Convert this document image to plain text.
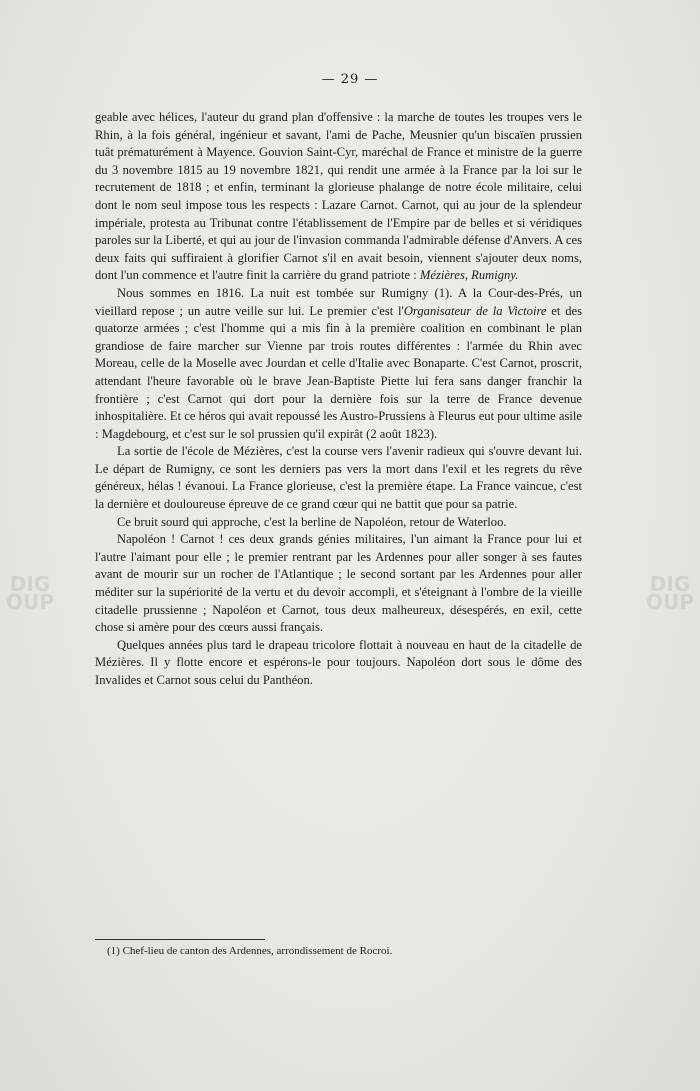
— 29 —
DIG OUP
DIG OUP

geable avec hélices, l'auteur du grand plan d'offensive : la marche de toutes les troupes vers le Rhin, à la fois général, ingénieur et savant, l'ami de Pache, Meusnier qu'un biscaïen prussien tuât prématurément à Mayence. Gouvion Saint-Cyr, maréchal de France et ministre de la guerre du 3 novembre 1815 au 19 novembre 1821, qui rendit une armée à la France par la loi sur le recrutement de 1818 ; et enfin, terminant la glorieuse phalange de notre école militaire, celui dont le nom seul impose tous les respects : Lazare Carnot. Carnot, qui au jour de la splendeur impériale, protesta au Tribunat contre l'établissement de l'Empire par de belles et si véridiques paroles sur la Liberté, et qui au jour de l'invasion commanda l'admirable défense d'Anvers. A ces deux faits qui suffiraient à glorifier Carnot s'il en avait besoin, viennent s'ajouter deux noms, dont l'un commence et l'autre finit la carrière du grand patriote : Mézières, Rumigny.

Nous sommes en 1816. La nuit est tombée sur Rumigny (1). A la Cour-des-Prés, un vieillard repose ; un autre veille sur lui. Le premier c'est l'Organisateur de la Victoire et des quatorze armées ; c'est l'homme qui a mis fin à la première coalition en combinant le plan grandiose de faire marcher sur Vienne par trois routes différentes : l'armée du Rhin avec Moreau, celle de la Moselle avec Jourdan et celle d'Italie avec Bonaparte. C'est Carnot, proscrit, attendant l'heure favorable où le brave Jean-Baptiste Piette lui fera sans danger franchir la frontière ; c'est Carnot qui dort pour la dernière fois sur la terre de France devenue inhospitalière. Et ce héros qui avait repoussé les Austro-Prussiens à Fleurus eut pour ultime asile : Magdebourg, et c'est sur le sol prussien qu'il expirât (2 août 1823).

La sortie de l'école de Mézières, c'est la course vers l'avenir radieux qui s'ouvre devant lui. Le départ de Rumigny, ce sont les derniers pas vers la mort dans l'exil et les regrets du rêve généreux, hélas ! évanoui. La France glorieuse, c'est la première étape. La France vaincue, c'est la dernière et douloureuse épreuve de ce grand cœur qui ne battit que pour sa patrie.

Ce bruit sourd qui approche, c'est la berline de Napoléon, retour de Waterloo.

Napoléon ! Carnot ! ces deux grands génies militaires, l'un aimant la France pour lui et l'autre l'aimant pour elle ; le premier rentrant par les Ardennes pour aller songer à ses fautes avant de mourir sur un rocher de l'Atlantique ; le second sortant par les Ardennes pour aller méditer sur la supériorité de la vertu et du devoir accompli, et s'éteignant à l'ombre de la vieille citadelle prussienne ; Napoléon et Carnot, tous deux malheureux, désespérés, en exil, cette chose si amère pour des cœurs aussi français.

Quelques années plus tard le drapeau tricolore flottait à nouveau en haut de la citadelle de Mézières. Il y flotte encore et espérons-le pour toujours. Napoléon dort sous le dôme des Invalides et Carnot sous celui du Panthéon.

(1) Chef-lieu de canton des Ardennes, arrondissement de Rocroi.
